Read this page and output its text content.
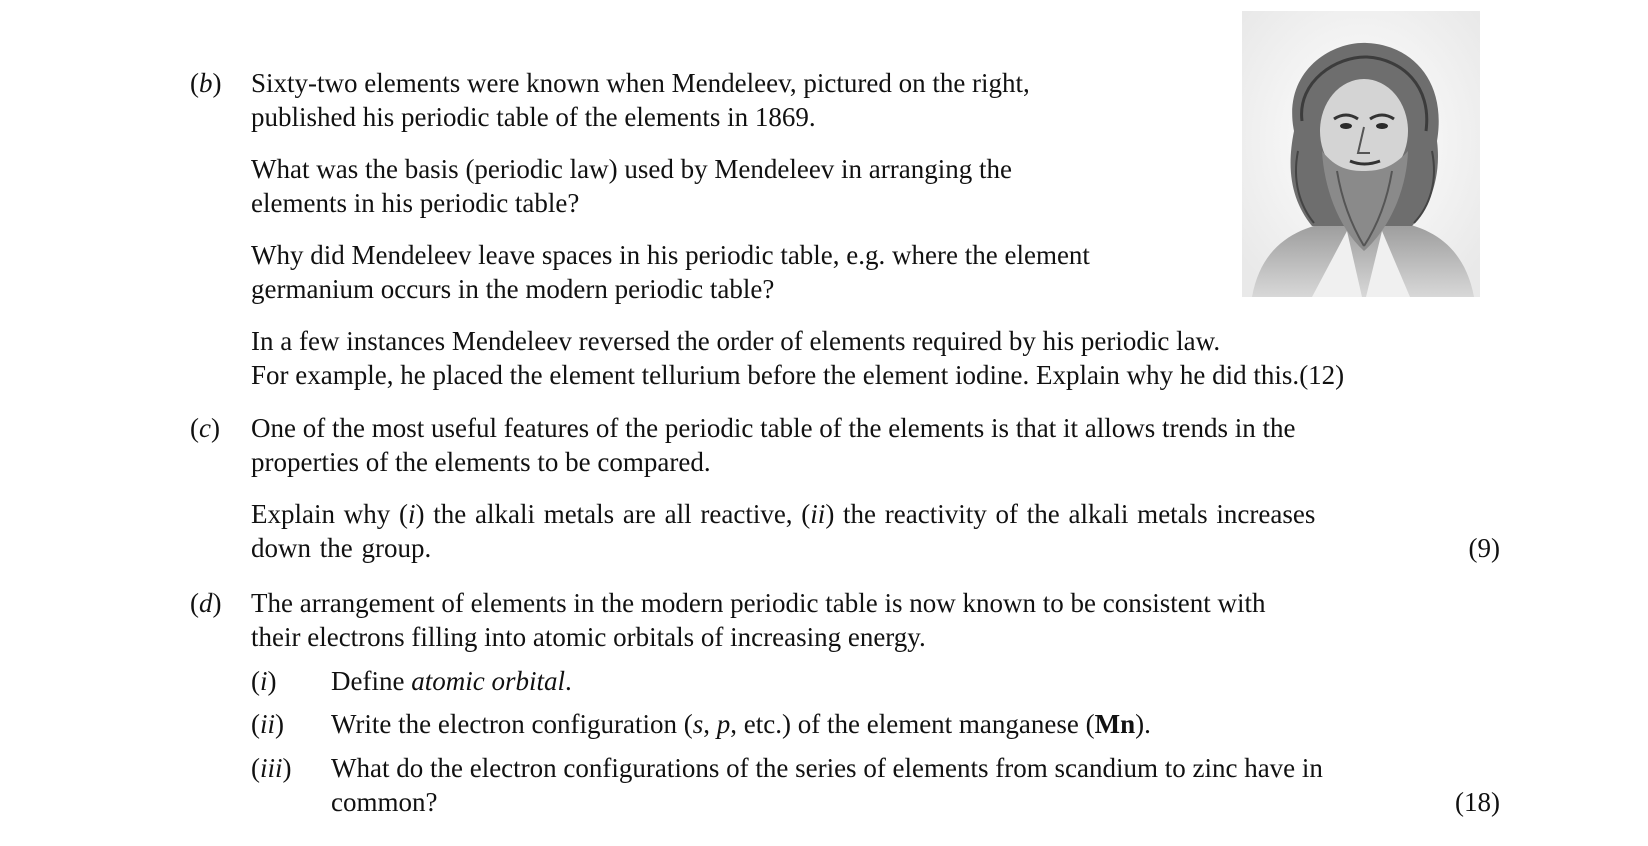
(b)	Sixty-two elements were known when Mendeleev, pictured on the right,
published his periodic table of the elements in 1869.
What was the basis (periodic law) used by Mendeleev in arranging the
elements in his periodic table?
Why did Mendeleev leave spaces in his periodic table, e.g. where the element
germanium occurs in the modern periodic table?
In a few instances Mendeleev reversed the order of elements required by his periodic law.
For example, he placed the element tellurium before the element iodine. Explain why he did this.(12)
(c)	One of the most useful features of the periodic table of the elements is that it allows trends in the
properties of the elements to be compared.
Explain why (i) the alkali metals are all reactive, (ii) the reactivity of the alkali metals increases
down the group.	(9)
(d)	The arrangement of elements in the modern periodic table is now known to be consistent with
their electrons filling into atomic orbitals of increasing energy.
(i)	Define atomic orbital.
(ii)	Write the electron configuration (s, p, etc.) of the element manganese (Mn).
(iii)	What do the electron configurations of the series of elements from scandium to zinc have in
common?	(18)
